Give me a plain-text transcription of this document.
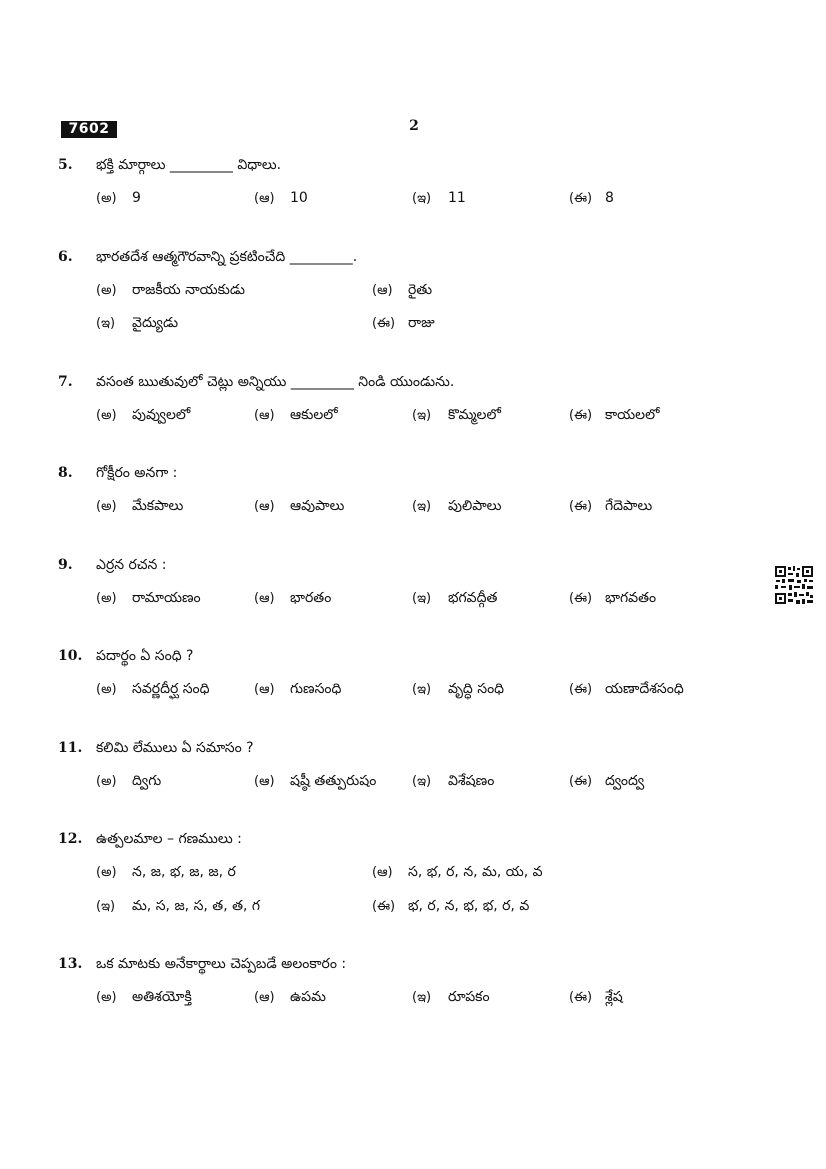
7602	2
5. భక్తి మార్గాలు _________ విధాలు.
(అ) 9	(ఆ) 10	(ఇ) 11	(ఈ) 8
6. భారతదేశ ఆత్మగౌరవాన్ని ప్రకటించేది _________.
(అ) రాజకీయ నాయకుడు	(ఆ) రైతు
(ఇ) వైద్యుడు	(ఈ) రాజు
7. వసంత ఋతువులో చెట్లు అన్నియు _________ నిండి యుండును.
(అ) పువ్వులలో	(ఆ) ఆకులలో	(ఇ) కొమ్మలలో	(ఈ) కాయలలో
8. గోక్షీరం అనగా :
(అ) మేకపాలు	(ఆ) ఆవుపాలు	(ఇ) పులిపాలు	(ఈ) గేదెపాలు
9. ఎర్రన రచన :
(అ) రామాయణం	(ఆ) భారతం	(ఇ) భగవద్గీత	(ఈ) భాగవతం
10. పదార్థం ఏ సంధి ?
(అ) సవర్ణదీర్ఘ సంధి	(ఆ) గుణసంధి	(ఇ) వృద్ధి సంధి	(ఈ) యణాదేశసంధి
11. కలిమి లేములు ఏ సమాసం ?
(అ) ద్విగు	(ఆ) షష్ఠీ తత్పురుషం	(ఇ) విశేషణం	(ఈ) ద్వంద్వ
12. ఉత్పలమాల – గణములు :
(అ) న, జ, భ, జ, జ, ర	(ఆ) స, భ, ర, న, మ, య, వ
(ఇ) మ, స, జ, స, త, త, గ	(ఈ) భ, ర, న, భ, భ, ర, వ
13. ఒక మాటకు అనేకార్థాలు చెప్పబడే అలంకారం :
(అ) అతిశయోక్తి	(ఆ) ఉపమ	(ఇ) రూపకం	(ఈ) శ్లేష
